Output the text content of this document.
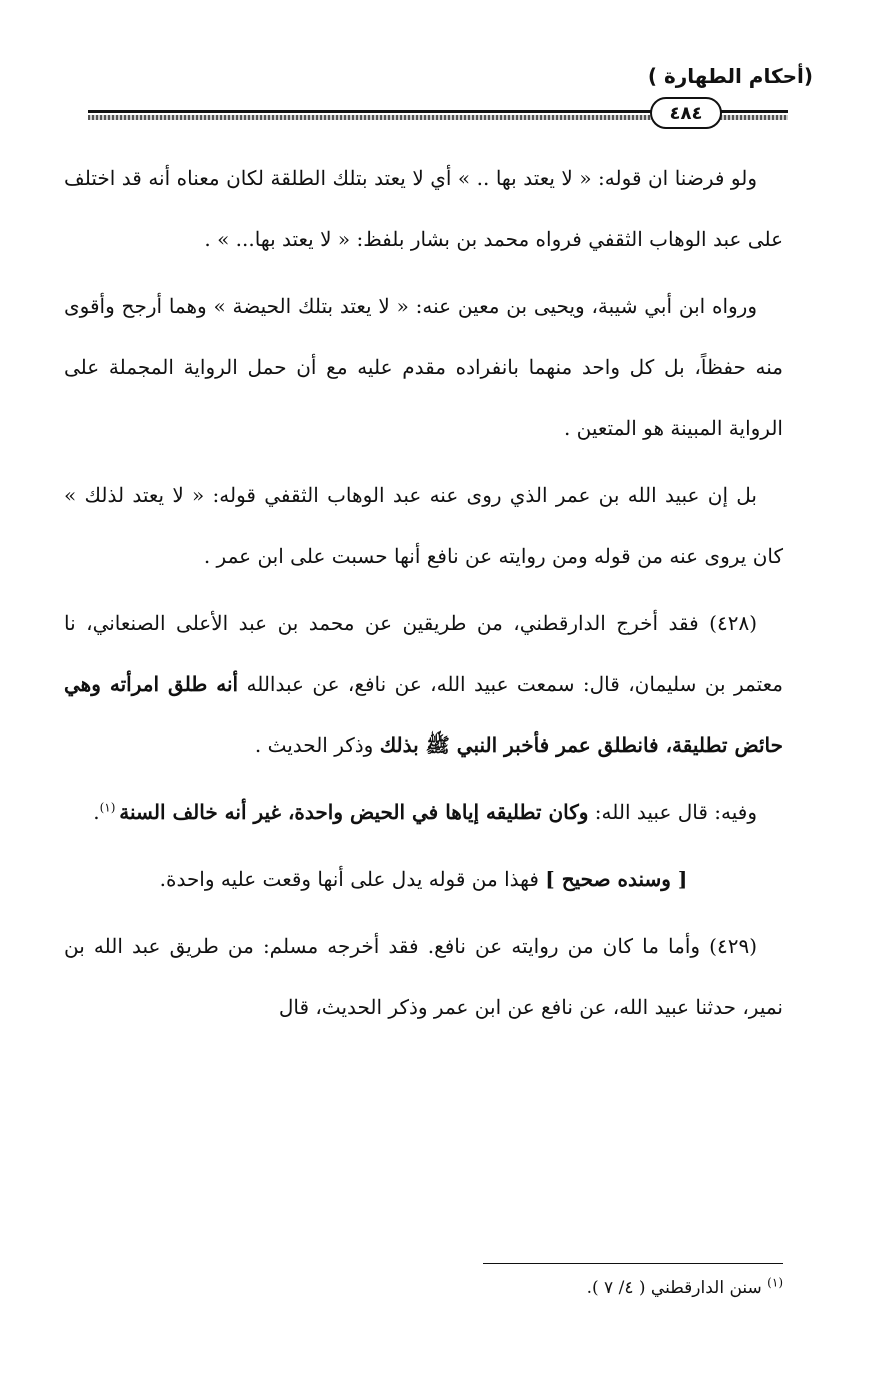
(أحكام الطهارة )
٤٨٤

ولو فرضنا ان قوله: « لا يعتد بها .. » أي لا يعتد بتلك الطلقة لكان معناه أنه قد اختلف على عبد الوهاب الثقفي فرواه محمد بن بشار بلفظ: « لا يعتد بها... » .

ورواه ابن أبي شيبة، ويحيى بن معين عنه: « لا يعتد بتلك الحيضة » وهما أرجح وأقوى منه حفظاً، بل كل واحد منهما بانفراده مقدم عليه مع أن حمل الرواية المجملة على الرواية المبينة هو المتعين .

بل إن عبيد الله بن عمر الذي روى عنه عبد الوهاب الثقفي قوله: « لا يعتد لذلك » كان يروى عنه من قوله ومن روايته عن نافع أنها حسبت على ابن عمر .

(٤٢٨) فقد أخرج الدارقطني، من طريقين عن محمد بن عبد الأعلى الصنعاني، نا معتمر بن سليمان، قال: سمعت عبيد الله، عن نافع، عن عبدالله أنه طلق امرأته وهي حائض تطليقة، فانطلق عمر فأخبر النبي ﷺ بذلك وذكر الحديث .

وفيه: قال عبيد الله: وكان تطليقه إياها في الحيض واحدة، غير أنه خالف السنة $^{(١)}$.

[ وسنده صحيح ] فهذا من قوله يدل على أنها وقعت عليه واحدة.

(٤٢٩) وأما ما كان من روايته عن نافع. فقد أخرجه مسلم: من طريق عبد الله بن نمير، حدثنا عبيد الله، عن نافع عن ابن عمر وذكر الحديث، قال

$^{(١)}$ سنن الدارقطني ( ٤/ ٧ ).
